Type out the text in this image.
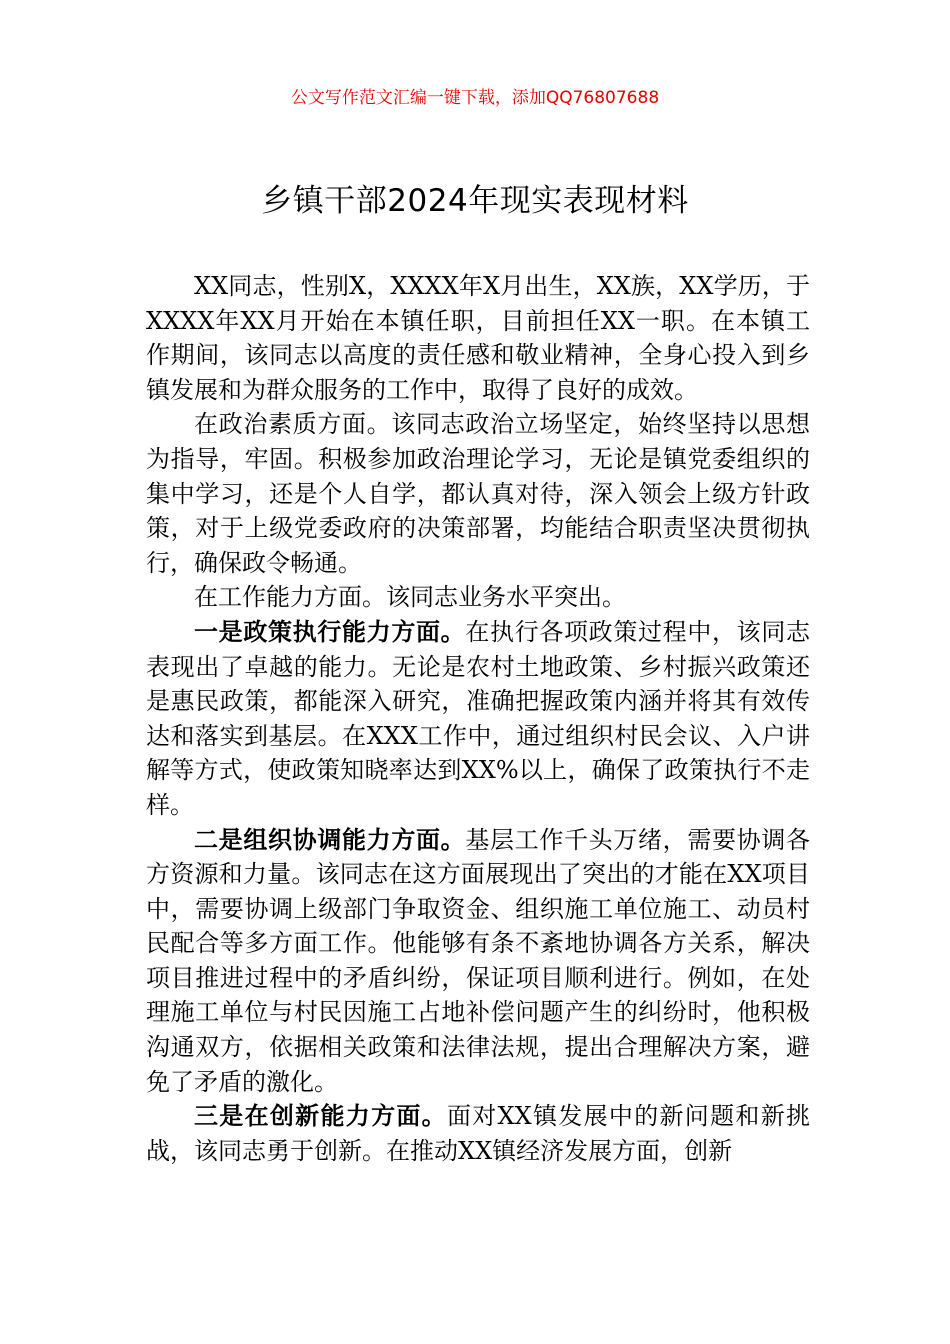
公文写作范文汇编一键下载，添加QQ76807688
乡镇干部2024年现实表现材料

XX同志，性别X，XXXX年X月出生，XX族，XX学历，于XXXX年XX月开始在本镇任职，目前担任XX一职。在本镇工作期间，该同志以高度的责任感和敬业精神，全身心投入到乡镇发展和为群众服务的工作中，取得了良好的成效。

在政治素质方面。该同志政治立场坚定，始终坚持以思想为指导，牢固。积极参加政治理论学习，无论是镇党委组织的集中学习，还是个人自学，都认真对待，深入领会上级方针政策，对于上级党委政府的决策部署，均能结合职责坚决贯彻执行，确保政令畅通。

在工作能力方面。该同志业务水平突出。

一是政策执行能力方面。在执行各项政策过程中，该同志表现出了卓越的能力。无论是农村土地政策、乡村振兴政策还是惠民政策，都能深入研究，准确把握政策内涵并将其有效传达和落实到基层。在XXX工作中，通过组织村民会议、入户讲解等方式，使政策知晓率达到XX%以上，确保了政策执行不走样。

二是组织协调能力方面。基层工作千头万绪，需要协调各方资源和力量。该同志在这方面展现出了突出的才能在XX项目中，需要协调上级部门争取资金、组织施工单位施工、动员村民配合等多方面工作。他能够有条不紊地协调各方关系，解决项目推进过程中的矛盾纠纷，保证项目顺利进行。例如，在处理施工单位与村民因施工占地补偿问题产生的纠纷时，他积极沟通双方，依据相关政策和法律法规，提出合理解决方案，避免了矛盾的激化。

三是在创新能力方面。面对XX镇发展中的新问题和新挑战，该同志勇于创新。在推动XX镇经济发展方面，创新
